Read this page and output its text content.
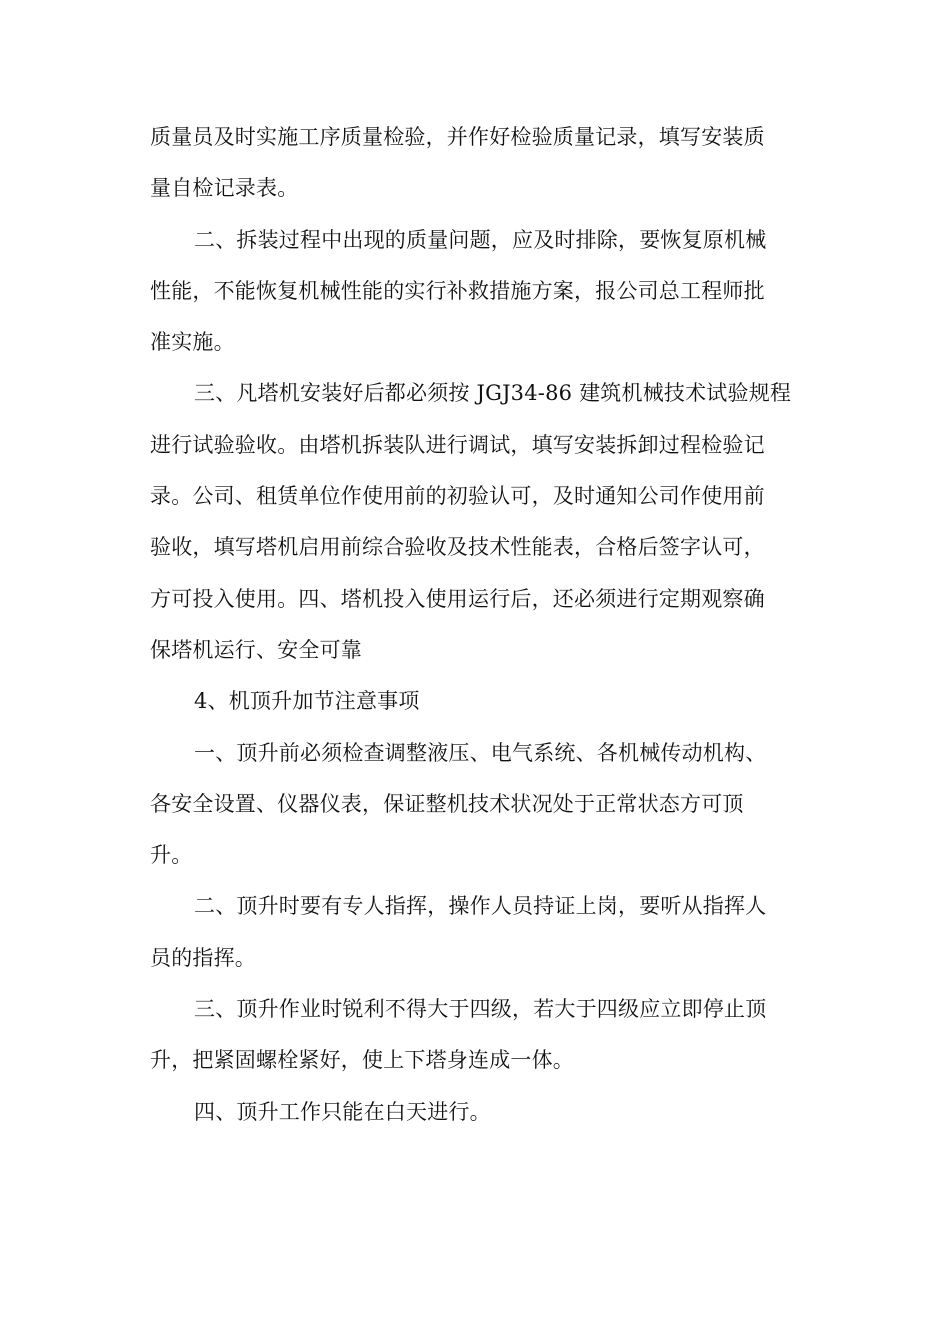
质量员及时实施工序质量检验，并作好检验质量记录，填写安装质

量自检记录表。

二、拆装过程中出现的质量问题，应及时排除，要恢复原机械

性能，不能恢复机械性能的实行补救措施方案，报公司总工程师批

准实施。

三、凡塔机安装好后都必须按 JGJ34-86 建筑机械技术试验规程

进行试验验收。由塔机拆装队进行调试，填写安装拆卸过程检验记

录。公司、租赁单位作使用前的初验认可，及时通知公司作使用前

验收，填写塔机启用前综合验收及技术性能表，合格后签字认可，

方可投入使用。四、塔机投入使用运行后，还必须进行定期观察确

保塔机运行、安全可靠

4、机顶升加节注意事项

一、顶升前必须检查调整液压、电气系统、各机械传动机构、

各安全设置、仪器仪表，保证整机技术状况处于正常状态方可顶

升。

二、顶升时要有专人指挥，操作人员持证上岗，要听从指挥人

员的指挥。

三、顶升作业时锐利不得大于四级，若大于四级应立即停止顶

升，把紧固螺栓紧好，使上下塔身连成一体。

四、顶升工作只能在白天进行。
